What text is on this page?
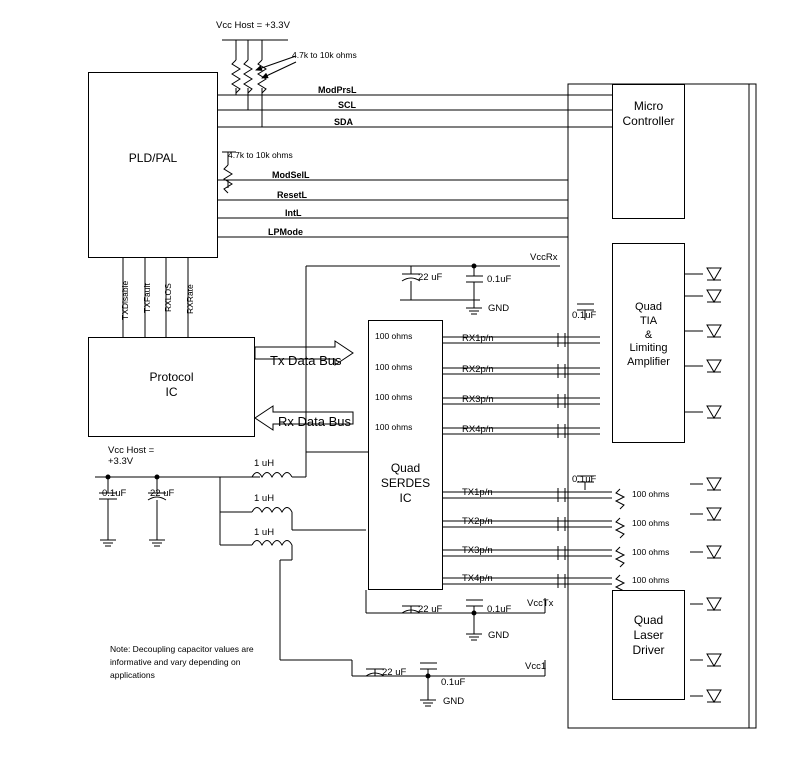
PLD/PAL
Protocol
IC
Quad
SERDES
IC
Micro
Controller
Quad
TIA
&
Limiting
Amplifier
Quad
Laser
Driver
Vcc Host = +3.3V
4.7k to 10k ohms
4.7k to 10k ohms
ModPrsL
SCL
SDA
ModSelL
ResetL
IntL
LPMode
TXDisable TXFault RXLOS RXRate
Tx Data Bus
Rx Data Bus
VccRx
22 uF	0.1uF
GND
0.1uF
100 ohms	RX1p/n
100 ohms	RX2p/n
100 ohms	RX3p/n
100 ohms	RX4p/n
TX1p/n	100 ohms
TX2p/n	100 ohms
TX3p/n	100 ohms
TX4p/n	100 ohms
0.1uF
VccTx
22 uF	0.1uF
GND
Vcc1
22 uF
0.1uF
GND
Vcc Host =
+3.3V
0.1uF 22 uF
1 uH
1 uH
1 uH
Note: Decoupling capacitor values are informative and vary depending on applications
